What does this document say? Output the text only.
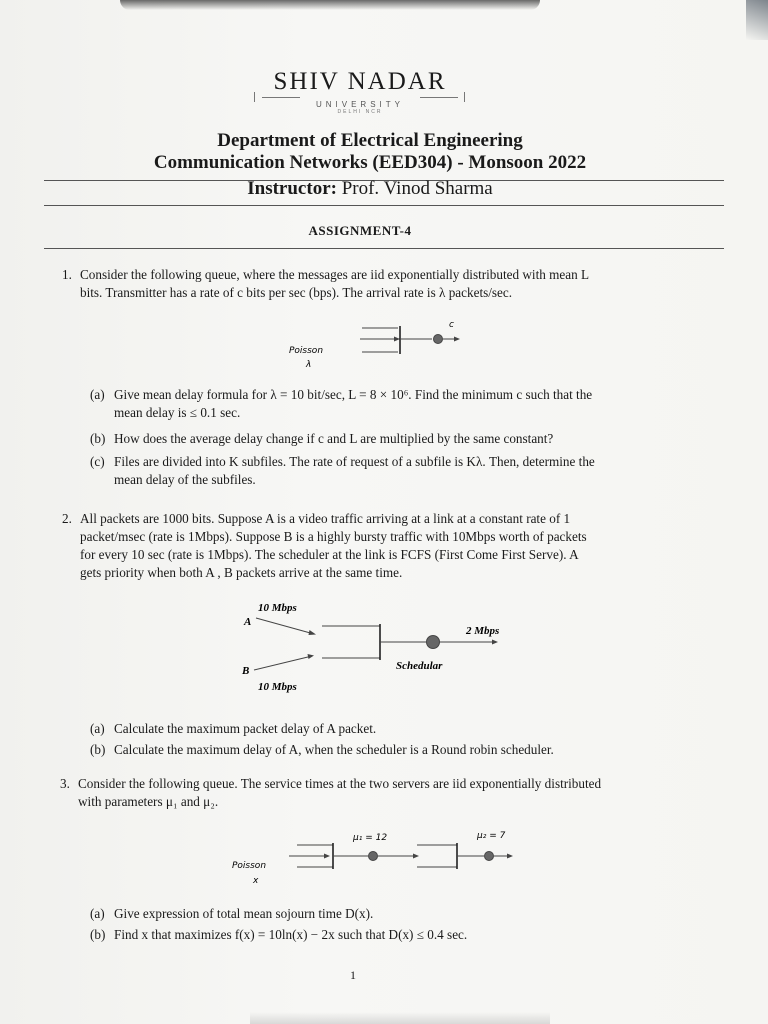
SHIV NADAR
UNIVERSITY
DELHI NCR
Department of Electrical Engineering
Communication Networks (EED304) - Monsoon 2022
Instructor: Prof. Vinod Sharma
ASSIGNMENT-4
1. Consider the following queue, where the messages are iid exponentially distributed with mean L
bits. Transmitter has a rate of c bits per sec (bps). The arrival rate is λ packets/sec.
Poisson
λ
c
(a) Give mean delay formula for λ = 10 bit/sec, L = 8 × 10⁶. Find the minimum c such that the
mean delay is ≤ 0.1 sec.
(b) How does the average delay change if c and L are multiplied by the same constant?
(c) Files are divided into K subfiles. The rate of request of a subfile is Kλ. Then, determine the
mean delay of the subfiles.
2. All packets are 1000 bits. Suppose A is a video traffic arriving at a link at a constant rate of 1
packet/msec (rate is 1Mbps). Suppose B is a highly bursty traffic with 10Mbps worth of packets
for every 10 sec (rate is 1Mbps). The scheduler at the link is FCFS (First Come First Serve). A
gets priority when both A , B packets arrive at the same time.
10 Mbps
A
B
10 Mbps
2 Mbps
Schedular
(a) Calculate the maximum packet delay of A packet.
(b) Calculate the maximum delay of A, when the scheduler is a Round robin scheduler.
3. Consider the following queue. The service times at the two servers are iid exponentially distributed
with parameters μ₁ and μ₂.
μ₁ = 12	μ₂ = 7
Poisson
x
(a) Give expression of total mean sojourn time D(x).
(b) Find x that maximizes f(x) = 10ln(x) − 2x such that D(x) ≤ 0.4 sec.
1
